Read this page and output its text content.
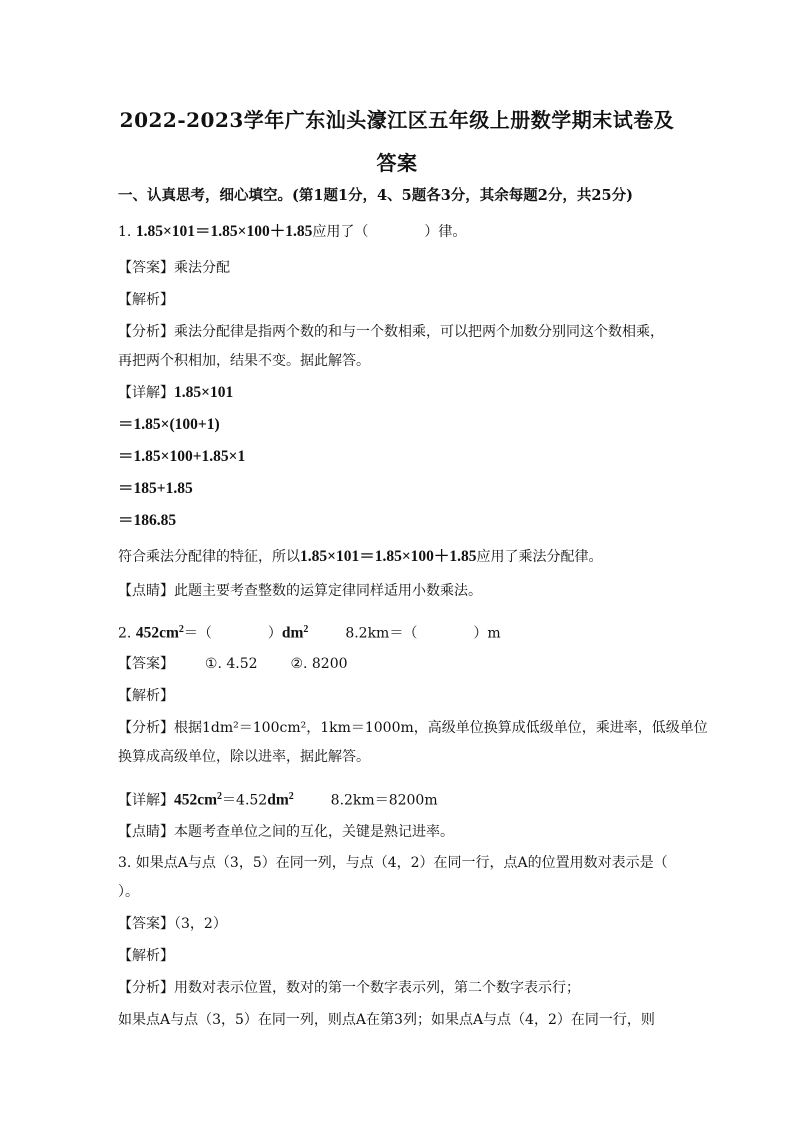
2022-2023学年广东汕头濠江区五年级上册数学期末试卷及
答案
一、认真思考，细心填空。(第1题1分，4、5题各3分，其余每题2分，共25分)
1. 1.85×101＝1.85×100＋1.85应用了（　　　　）律。
【答案】乘法分配
【解析】
【分析】乘法分配律是指两个数的和与一个数相乘，可以把两个加数分别同这个数相乘，
再把两个积相加，结果不变。据此解答。
【详解】1.85×101
＝1.85×(100+1)
＝1.85×100+1.85×1
＝185+1.85
＝186.85
符合乘法分配律的特征，所以1.85×101＝1.85×100＋1.85应用了乘法分配律。
【点睛】此题主要考查整数的运算定律同样适用小数乘法。
2. $452cm^2=$（　　　　）$dm^2$	8.2km＝（　　　　）m
【答案】 ①. 4.52 ②. 8200
【解析】
【分析】根据1dm²＝100cm²，1km＝1000m，高级单位换算成低级单位，乘进率，低级单位
换算成高级单位，除以进率，据此解答。
【详解】$452cm^2=4.52dm^2$	8.2km＝8200m
【点睛】本题考查单位之间的互化，关键是熟记进率。
3. 如果点A与点（3，5）在同一列，与点（4，2）在同一行，点A的位置用数对表示是（
）。
【答案】（3，2）
【解析】
【分析】用数对表示位置，数对的第一个数字表示列，第二个数字表示行；
如果点A与点（3，5）在同一列，则点A在第3列；如果点A与点（4，2）在同一行，则
